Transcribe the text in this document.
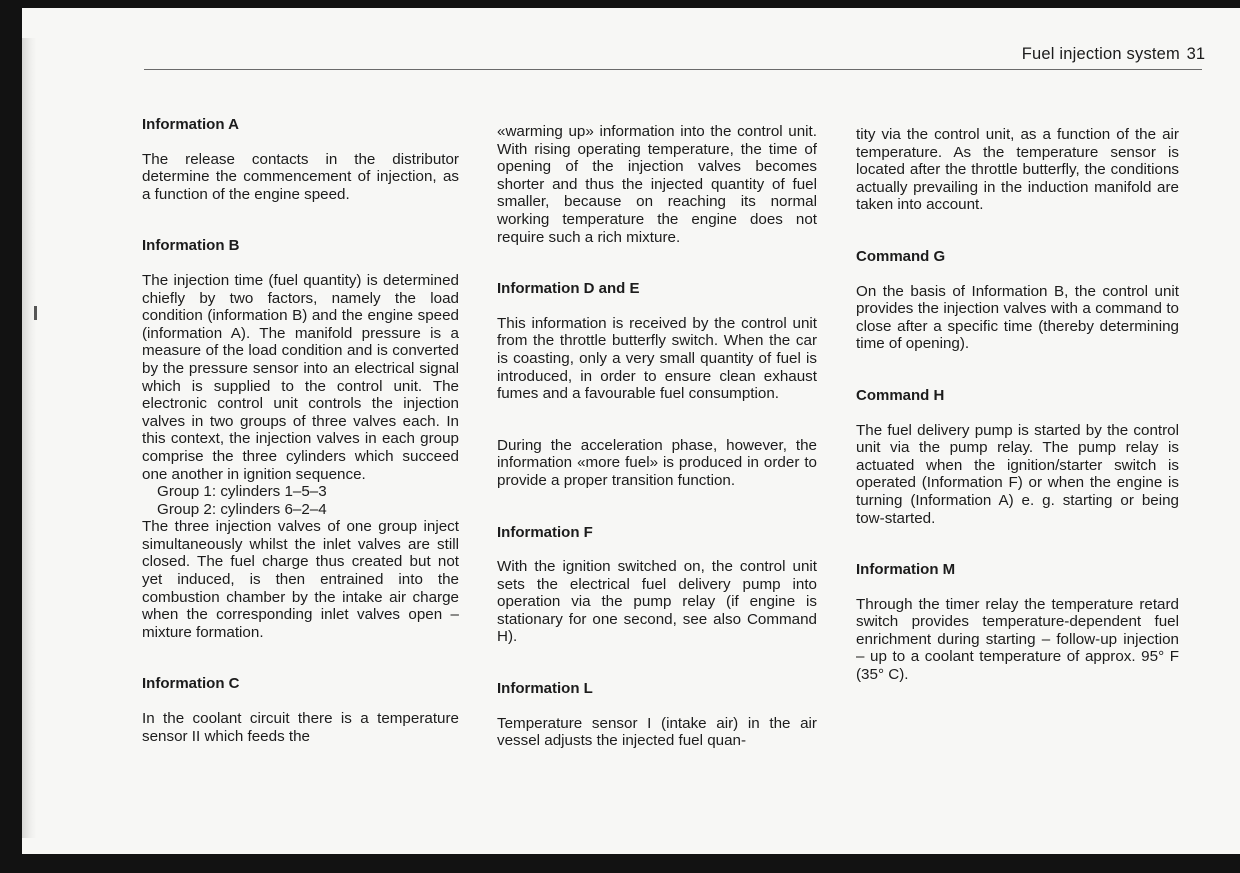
Fuel injection system 31
Information A

The release contacts in the distributor determine the commencement of injection, as a function of the engine speed.

Information B

The injection time (fuel quantity) is determined chiefly by two factors, namely the load condition (information B) and the engine speed (information A). The manifold pressure is a measure of the load condition and is converted by the pressure sensor into an electrical signal which is supplied to the control unit. The electronic control unit controls the injection valves in two groups of three valves each. In this context, the injection valves in each group comprise the three cylinders which succeed one another in ignition sequence.

Group 1: cylinders 1–5–3
Group 2: cylinders 6–2–4

The three injection valves of one group inject simultaneously whilst the inlet valves are still closed. The fuel charge thus created but not yet induced, is then entrained into the combustion chamber by the intake air charge when the corresponding inlet valves open – mixture formation.

Information C

In the coolant circuit there is a temperature sensor II which feeds the

«warming up» information into the control unit. With rising operating temperature, the time of opening of the injection valves becomes shorter and thus the injected quantity of fuel smaller, because on reaching its normal working temperature the engine does not require such a rich mixture.

Information D and E

This information is received by the control unit from the throttle butterfly switch. When the car is coasting, only a very small quantity of fuel is introduced, in order to ensure clean exhaust fumes and a favourable fuel consumption.

During the acceleration phase, however, the information «more fuel» is produced in order to provide a proper transition function.

Information F

With the ignition switched on, the control unit sets the electrical fuel delivery pump into operation via the pump relay (if engine is stationary for one second, see also Command H).

Information L

Temperature sensor I (intake air) in the air vessel adjusts the injected fuel quan-

tity via the control unit, as a function of the air temperature. As the temperature sensor is located after the throttle butterfly, the conditions actually prevailing in the induction manifold are taken into account.

Command G

On the basis of Information B, the control unit provides the injection valves with a command to close after a specific time (thereby determining time of opening).

Command H

The fuel delivery pump is started by the control unit via the pump relay. The pump relay is actuated when the ignition/starter switch is operated (Information F) or when the engine is turning (Information A) e. g. starting or being tow-started.

Information M

Through the timer relay the temperature retard switch provides temperature-dependent fuel enrichment during starting – follow-up injection – up to a coolant temperature of approx. 95° F (35° C).
